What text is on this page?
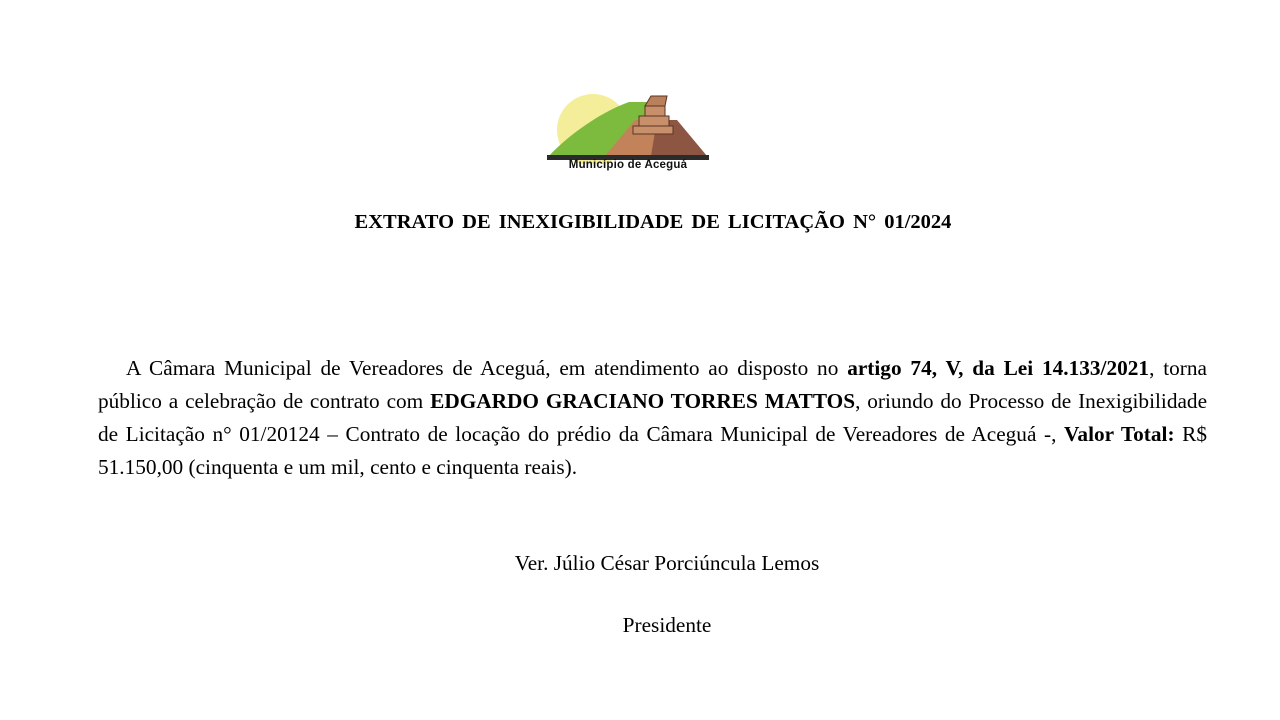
Município de Aceguá
EXTRATO DE INEXIGIBILIDADE DE LICITAÇÃO N° 01/2024

A Câmara Municipal de Vereadores de Aceguá, em atendimento ao disposto no artigo 74, V, da Lei 14.133/2021, torna público a celebração de contrato com EDGARDO GRACIANO TORRES MATTOS, oriundo do Processo de Inexigibilidade de Licitação n° 01/20124 – Contrato de locação do prédio da Câmara Municipal de Vereadores de Aceguá -, Valor Total: R$ 51.150,00 (cinquenta e um mil, cento e cinquenta reais).

Ver. Júlio César Porciúncula Lemos
Presidente
